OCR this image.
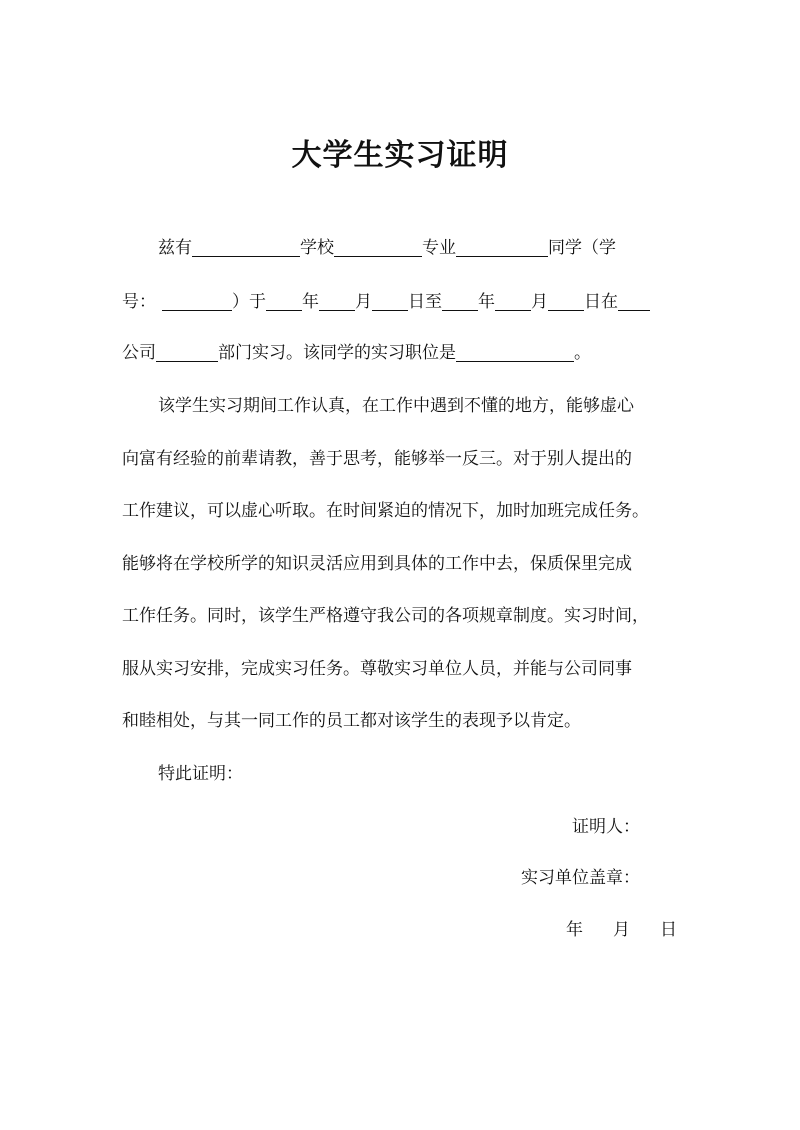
大学生实习证明
兹有	学校	专业	同学（学
号：	）于 年 月 日至 年 月 日在
公司	部门实习。该同学的实习职位是	。
该学生实习期间工作认真，在工作中遇到不懂的地方，能够虚心
向富有经验的前辈请教，善于思考，能够举一反三。对于别人提出的
工作建议，可以虚心听取。在时间紧迫的情况下，加时加班完成任务。
能够将在学校所学的知识灵活应用到具体的工作中去，保质保里完成
工作任务。同时，该学生严格遵守我公司的各项规章制度。实习时间，
服从实习安排，完成实习任务。尊敬实习单位人员，并能与公司同事
和睦相处，与其一同工作的员工都对该学生的表现予以肯定。
特此证明：
证明人：
实习单位盖章：
年 月 日
